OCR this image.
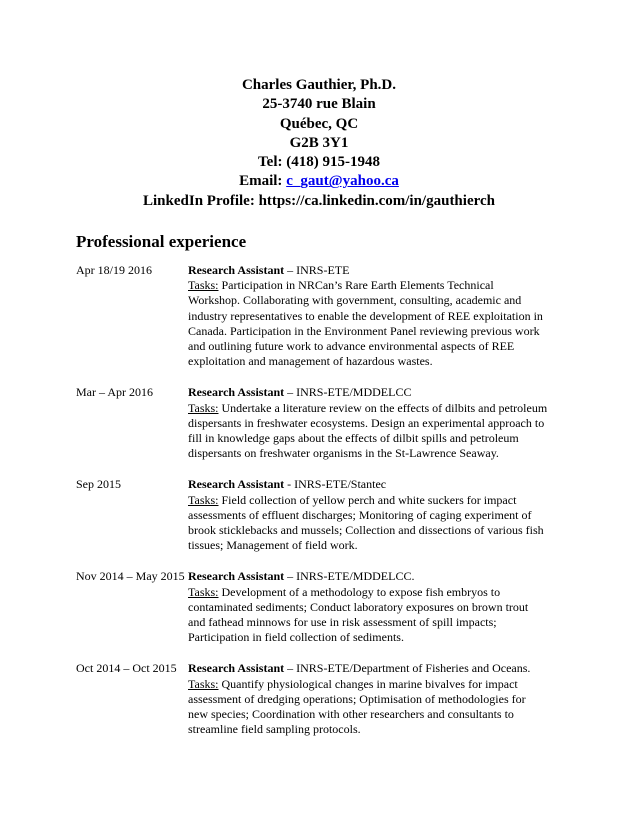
Charles Gauthier, Ph.D.
25-3740 rue Blain
Québec, QC
G2B 3Y1
Tel: (418) 915-1948
Email: c_gaut@yahoo.ca
LinkedIn Profile: https://ca.linkedin.com/in/gauthierch
Professional experience
Apr 18/19 2016	Research Assistant – INRS-ETE
Tasks: Participation in NRCan’s Rare Earth Elements Technical
Workshop. Collaborating with government, consulting, academic and
industry representatives to enable the development of REE exploitation in
Canada. Participation in the Environment Panel reviewing previous work
and outlining future work to advance environmental aspects of REE
exploitation and management of hazardous wastes.
Mar – Apr 2016	Research Assistant – INRS-ETE/MDDELCC
Tasks: Undertake a literature review on the effects of dilbits and petroleum
dispersants in freshwater ecosystems. Design an experimental approach to
fill in knowledge gaps about the effects of dilbit spills and petroleum
dispersants on freshwater organisms in the St-Lawrence Seaway.
Sep 2015	Research Assistant - INRS-ETE/Stantec
Tasks: Field collection of yellow perch and white suckers for impact
assessments of effluent discharges; Monitoring of caging experiment of
brook sticklebacks and mussels; Collection and dissections of various fish
tissues; Management of field work.
Nov 2014 – May 2015 Research Assistant – INRS-ETE/MDDELCC.
Tasks: Development of a methodology to expose fish embryos to
contaminated sediments; Conduct laboratory exposures on brown trout
and fathead minnows for use in risk assessment of spill impacts;
Participation in field collection of sediments.
Oct 2014 – Oct 2015 Research Assistant – INRS-ETE/Department of Fisheries and Oceans.
Tasks: Quantify physiological changes in marine bivalves for impact
assessment of dredging operations; Optimisation of methodologies for
new species; Coordination with other researchers and consultants to
streamline field sampling protocols.
